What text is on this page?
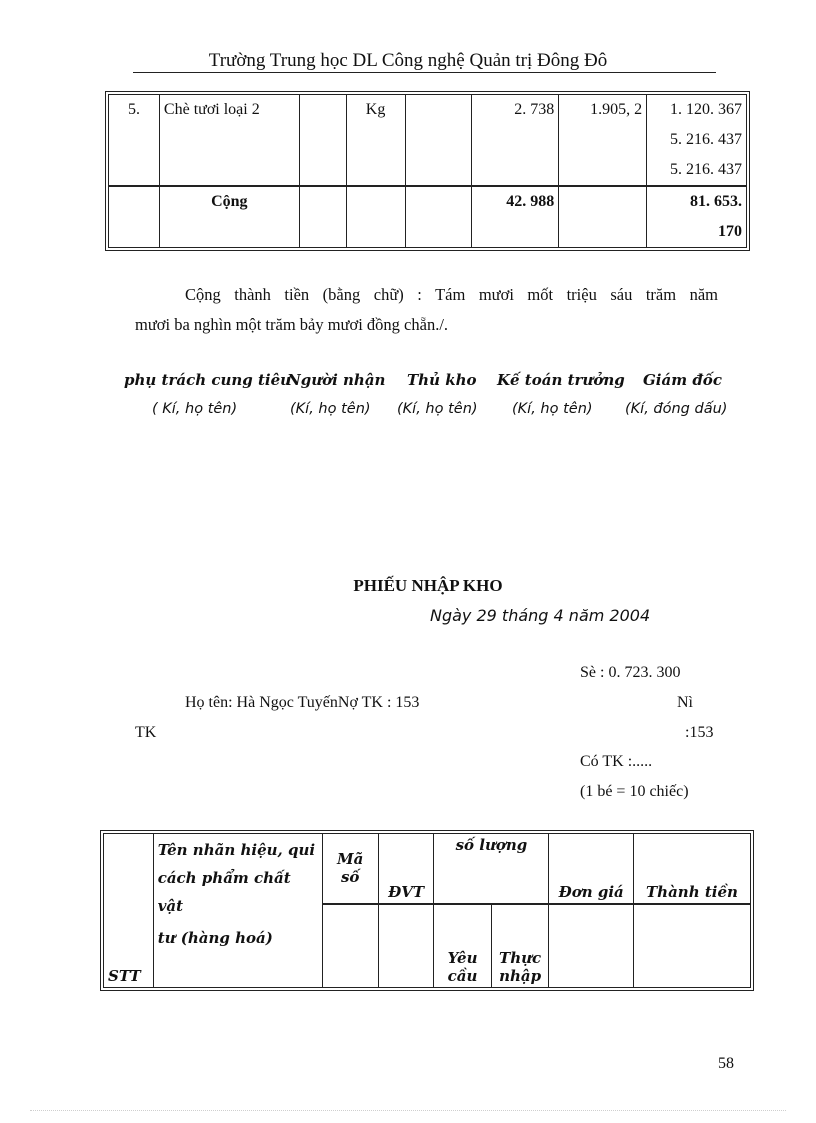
Trường Trung học DL Công nghệ Quản trị Đông Đô
5.	Chè tươi loại 2		Kg		2. 738	1.905, 2	1. 120. 367
5. 216. 437
5. 216. 437

	Cộng				42. 988		81. 653.
170
Cộng thành tiền (bằng chữ) : Tám mươi mốt triệu sáu trăm năm
mươi ba nghìn một trăm bảy mươi đồng chẵn./.
phụ trách cung tiêu
Người nhận Thủ kho Kế toán trưởng Giám đốc
( Kí, họ tên)	(Kí, họ tên) (Kí, họ tên) (Kí, họ tên) (Kí, đóng dấu)
PHIẾU NHẬP KHO
Ngày 29 tháng 4 năm 2004
Sè : 0. 723. 300
Họ tên: Hà Ngọc TuyếnNợ TK : 153	Nì
TK	:153
Có TK :.....
(1 bé = 10 chiếc)
STT	Tên nhãn hiệu, qui
cách phẩm chất vật
tư (hàng hoá)	Mã số	ĐVT	số lượng		Đơn giá	Thành tiền
				Yêu cầu	Thực nhập		
58
